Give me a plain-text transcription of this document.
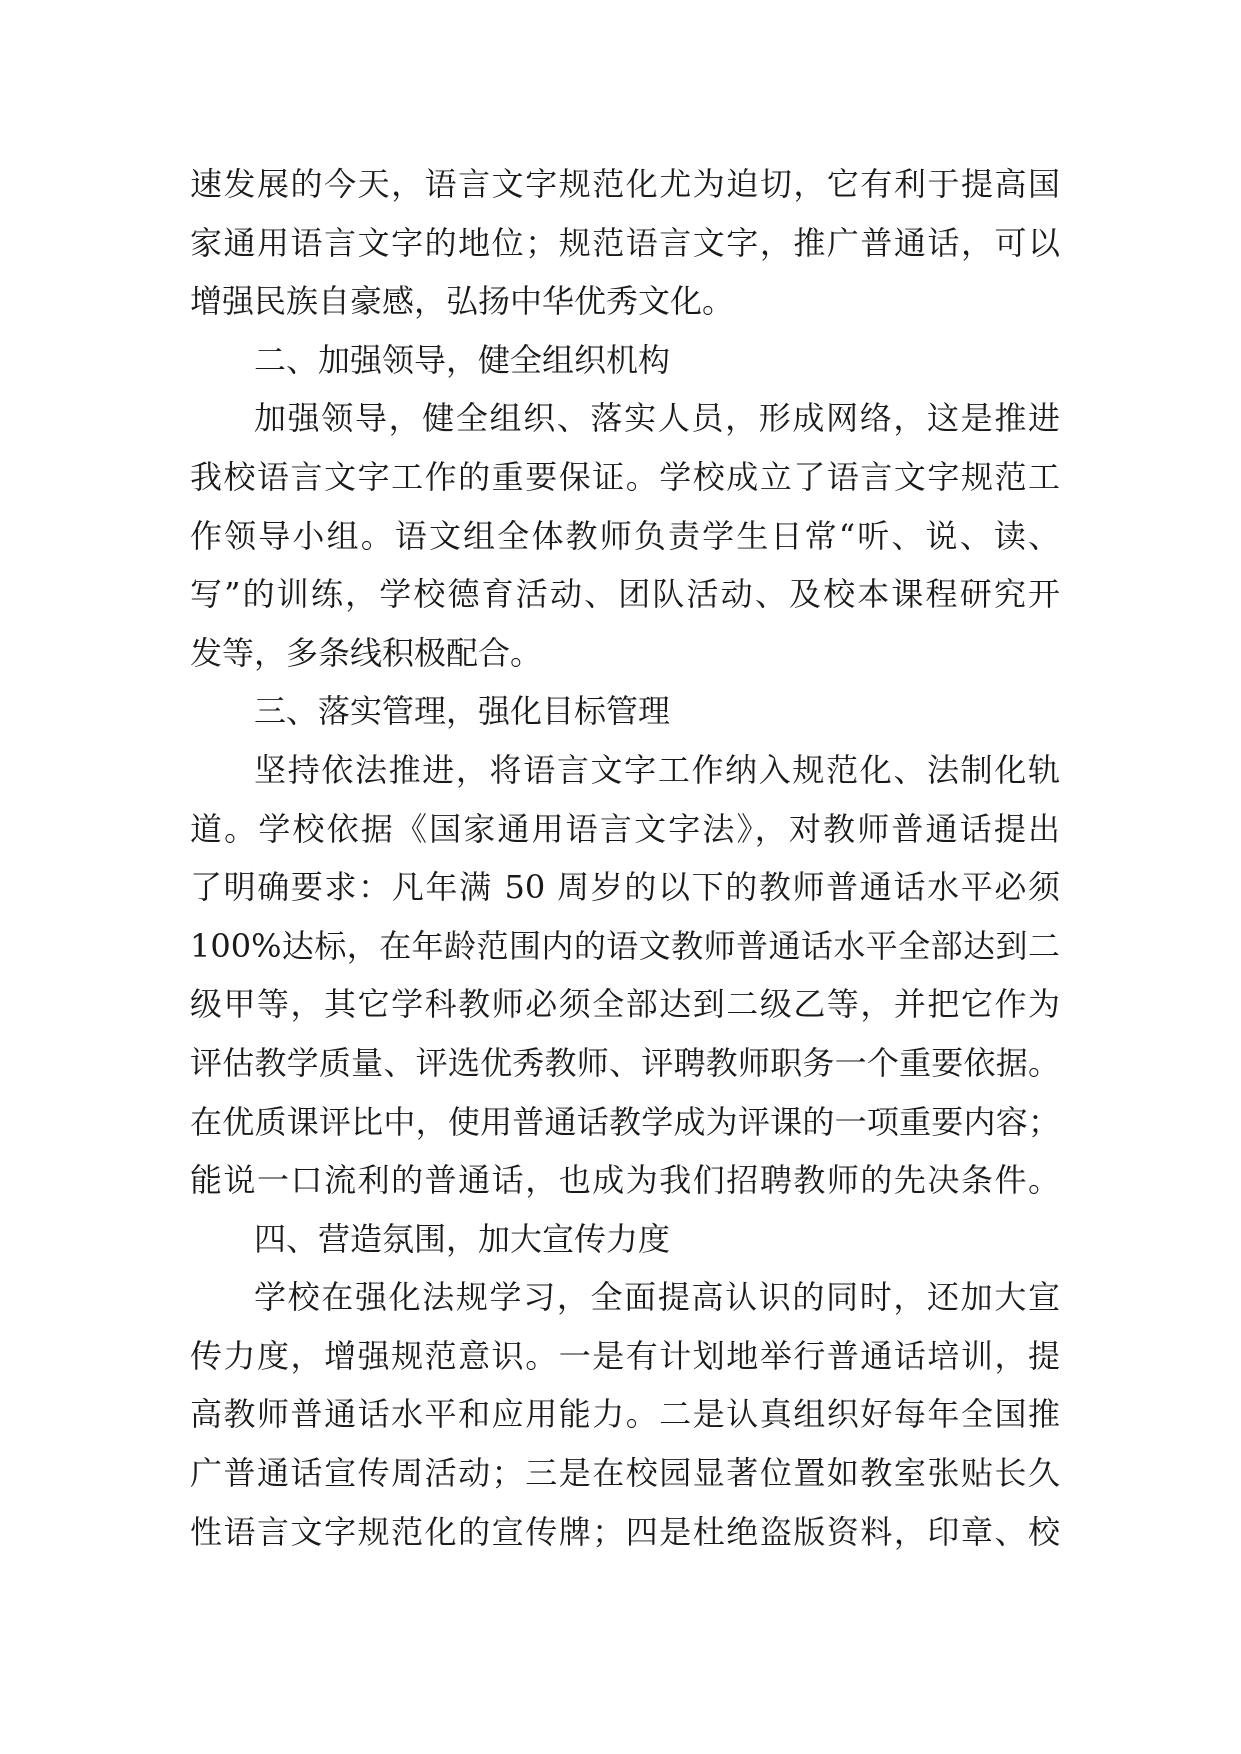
速发展的今天，语言文字规范化尤为迫切，它有利于提高国
家通用语言文字的地位；规范语言文字，推广普通话，可以
增强民族自豪感，弘扬中华优秀文化。
二、加强领导，健全组织机构
加强领导，健全组织、落实人员，形成网络，这是推进
我校语言文字工作的重要保证。学校成立了语言文字规范工
作领导小组。语文组全体教师负责学生日常“听、说、读、
写”的训练，学校德育活动、团队活动、及校本课程研究开
发等，多条线积极配合。
三、落实管理，强化目标管理
坚持依法推进，将语言文字工作纳入规范化、法制化轨
道。学校依据《国家通用语言文字法》，对教师普通话提出
了明确要求：凡年满 50 周岁的以下的教师普通话水平必须
100%达标，在年龄范围内的语文教师普通话水平全部达到二
级甲等，其它学科教师必须全部达到二级乙等，并把它作为
评估教学质量、评选优秀教师、评聘教师职务一个重要依据。
在优质课评比中，使用普通话教学成为评课的一项重要内容；
能说一口流利的普通话，也成为我们招聘教师的先决条件。
四、营造氛围，加大宣传力度
学校在强化法规学习，全面提高认识的同时，还加大宣
传力度，增强规范意识。一是有计划地举行普通话培训，提
高教师普通话水平和应用能力。二是认真组织好每年全国推
广普通话宣传周活动；三是在校园显著位置如教室张贴长久
性语言文字规范化的宣传牌；四是杜绝盗版资料，印章、校
